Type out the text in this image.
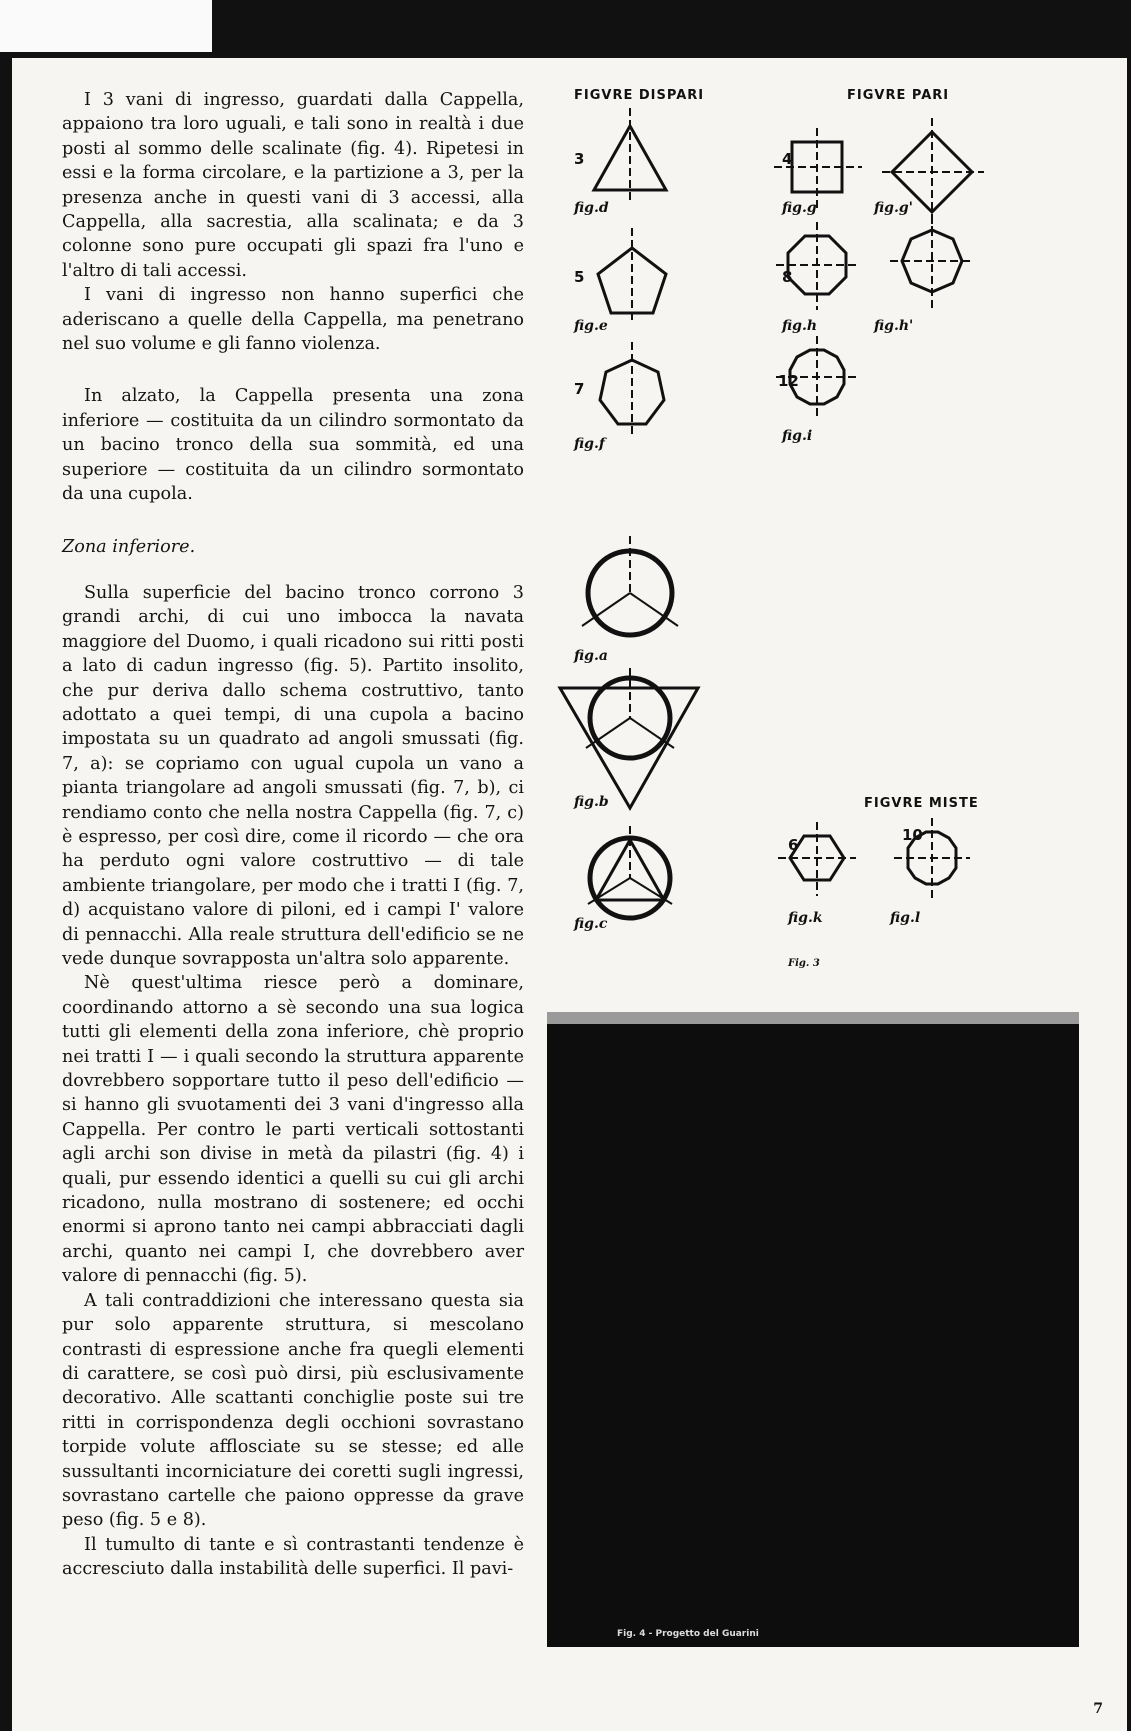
I 3 vani di ingresso, guardati dalla Cappella, appaiono tra loro uguali, e tali sono in realtà i due posti al sommo delle scalinate (fig. 4). Ripetesi in essi e la forma circolare, e la partizione a 3, per la presenza anche in questi vani di 3 accessi, alla Cappella, alla sacrestia, alla scalinata; e da 3 colonne sono pure occupati gli spazi fra l'uno e l'altro di tali accessi.

I vani di ingresso non hanno superfici che aderiscano a quelle della Cappella, ma penetrano nel suo volume e gli fanno violenza.

In alzato, la Cappella presenta una zona inferiore — costituita da un cilindro sormontato da un bacino tronco della sua sommità, ed una superiore — costituita da un cilindro sormontato da una cupola.

Zona inferiore.

Sulla superficie del bacino tronco corrono 3 grandi archi, di cui uno imbocca la navata maggiore del Duomo, i quali ricadono sui ritti posti a lato di cadun ingresso (fig. 5). Partito insolito, che pur deriva dallo schema costruttivo, tanto adottato a quei tempi, di una cupola a bacino impostata su un quadrato ad angoli smussati (fig. 7, a): se copriamo con ugual cupola un vano a pianta triangolare ad angoli smussati (fig. 7, b), ci rendiamo conto che nella nostra Cappella (fig. 7, c) è espresso, per così dire, come il ricordo — che ora ha perduto ogni valore costruttivo — di tale ambiente triangolare, per modo che i tratti I (fig. 7, d) acquistano valore di piloni, ed i campi I' valore di pennacchi. Alla reale struttura dell'edificio se ne vede dunque sovrapposta un'altra solo apparente.

Nè quest'ultima riesce però a dominare, coordinando attorno a sè secondo una sua logica tutti gli elementi della zona inferiore, chè proprio nei tratti I — i quali secondo la struttura apparente dovrebbero sopportare tutto il peso dell'edificio — si hanno gli svuotamenti dei 3 vani d'ingresso alla Cappella. Per contro le parti verticali sottostanti agli archi son divise in metà da pilastri (fig. 4) i quali, pur essendo identici a quelli su cui gli archi ricadono, nulla mostrano di sostenere; ed occhi enormi si aprono tanto nei campi abbracciati dagli archi, quanto nei campi I, che dovrebbero aver valore di pennacchi (fig. 5).

A tali contraddizioni che interessano questa sia pur solo apparente struttura, si mescolano contrasti di espressione anche fra quegli elementi di carattere, se così può dirsi, più esclusivamente decorativo. Alle scattanti conchiglie poste sui tre ritti in corrispondenza degli occhioni sovrastano torpide volute afflosciate su se stesse; ed alle sussultanti incorniciature dei coretti sugli ingressi, sovrastano cartelle che paiono oppresse da grave peso (fig. 5 e 8).

Il tumulto di tante e sì contrastanti tendenze è accresciuto dalla instabilità delle superfici. Il pavi-

FIGVRE DISPARI	FIGVRE PARI
FIGVRE MISTE
3
5
7
4
8
12
6
10
fig.d
fig.e
fig.f
fig.g	fig.g'
fig.h	fig.h'
fig.i
fig.a
fig.b
fig.c	fig.k	fig.l
Fig. 3
Fig. 4 - Progetto del Guarini
7
